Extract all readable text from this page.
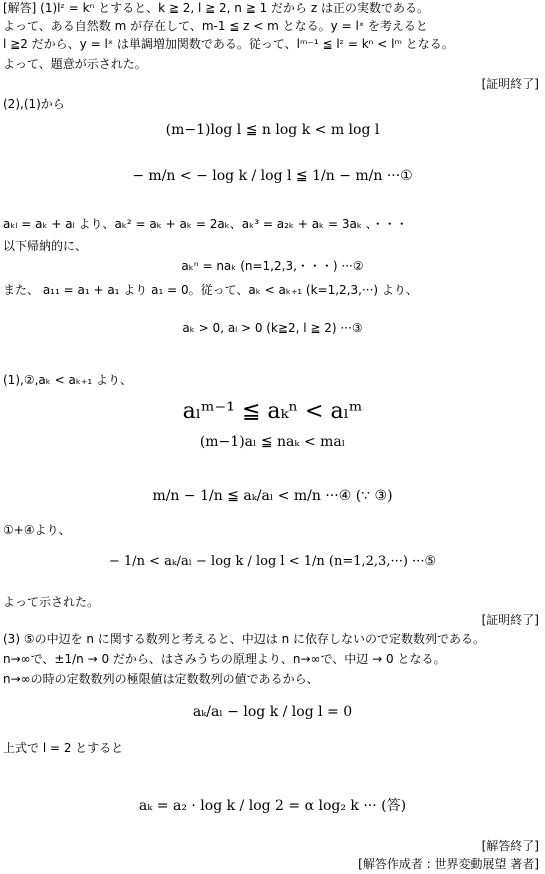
[解答] (1)lᶻ = kⁿ とすると、k ≧ 2, l ≧ 2, n ≧ 1 だから z は正の実数である。
よって、ある自然数 m が存在して、m-1 ≦ z < m となる。y = lˣ を考えると
l ≧2 だから、y = lˣ は単調増加関数である。従って、lᵐ⁻¹ ≦ lᶻ = kⁿ < lᵐ となる。
よって、題意が示された。
[証明終了]
(2),(1)から
(m−1)log l ≦ n log k < m log l
− m/n < − log k / log l ≦ 1/n − m/n ···①
aₖₗ = aₖ + aₗ より、aₖ² = aₖ + aₖ = 2aₖ、aₖ³ = a₂ₖ + aₖ = 3aₖ 、・・・
以下帰納的に、
aₖⁿ = naₖ (n=1,2,3,・・・) ···②
また、 a₁₁ = a₁ + a₁ より a₁ = 0。従って、aₖ < aₖ₊₁ (k=1,2,3,···) より、
aₖ > 0, aₗ > 0 (k≧2, l ≧ 2) ···③
(1),②,aₖ < aₖ₊₁ より、
aₗᵐ⁻¹ ≦ aₖⁿ < aₗᵐ
(m−1)aₗ ≦ naₖ < maₗ
m/n − 1/n ≦ aₖ/aₗ < m/n ···④ (∵ ③)
①+④より、
− 1/n < aₖ/aₗ − log k / log l < 1/n (n=1,2,3,···) ···⑤
よって示された。
[証明終了]
(3) ⑤の中辺を n に関する数列と考えると、中辺は n に依存しないので定数数列である。
n→∞で、±1/n → 0 だから、はさみうちの原理より、n→∞で、中辺 → 0 となる。
n→∞の時の定数数列の極限値は定数数列の値であるから、
aₖ/aₗ − log k / log l = 0
上式で l = 2 とすると
aₖ = a₂ · log k / log 2 = α log₂ k ··· (答)
[解答終了]
[解答作成者 : 世界変動展望 著者]
